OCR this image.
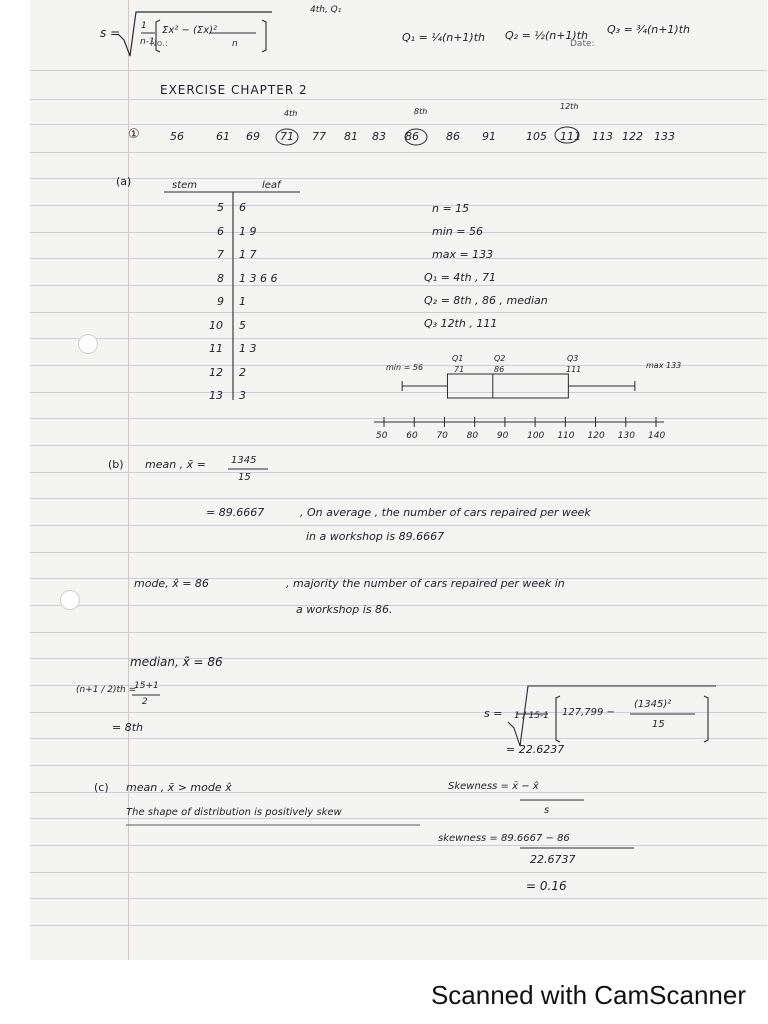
s = 1
n-1
Σx² − (Σx)²
n
No.:
4th, Q₁
Q₁ = ¼(n+1)th Q₂ = ½(n+1)th
Date:
Q₃ = ¾(n+1)th
EXERCISE CHAPTER 2
①
4th	8th
12th
56	61 69 71 77 81 83 86 86 91	105 111 113 122 133
(a)	stem	leaf
5 6
6 1 9
7 1 7
8 1 3 6 6
9 1
10 5
11 1 3
12 2
13 3
n = 15
min = 56
max = 133
Q₁ = 4th , 71
Q₂ = 8th , 86 , median
Q₃ 12th , 111
min = 56	max 133
Q1
71
Q2
86
Q3
111
50 60 70 80 90 100 110 120 130 140
(b) mean , x̄ =	1345
15
= 89.6667	, On average , the number of cars repaired per week
in a workshop is 89.6667
mode, x̂ = 86	, majority the number of cars repaired per week in
a workshop is 86.
median, x̃ = 86
(n+1 / 2)th =
15+1
2
= 8th
s = 1 / 15-1 127,799 −
(1345)²
15
= 22.6237
(c) mean , x̄ > mode x̂
The shape of distribution is positively skew
Skewness = x̄ − x̂
s
skewness = 89.6667 − 86
22.6737
= 0.16
Scanned with CamScanner
